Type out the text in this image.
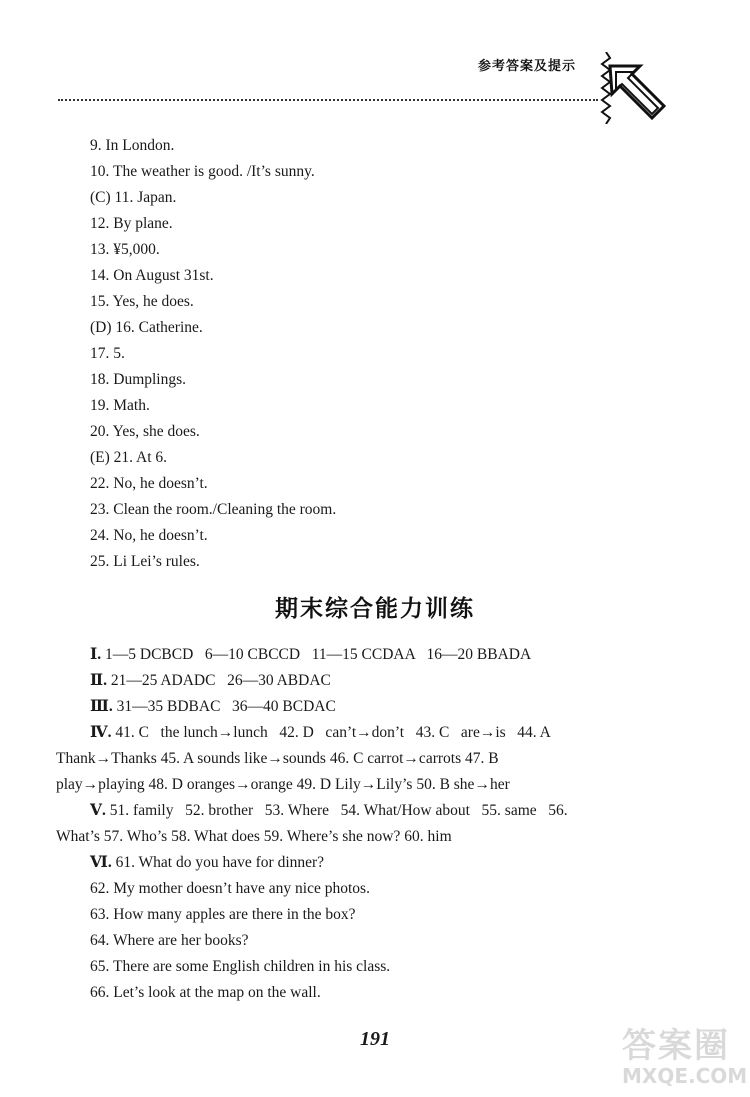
参考答案及提示
9. In London.
10. The weather is good. /It’s sunny.
(C) 11. Japan.
12. By plane.
13. ¥5,000.
14. On August 31st.
15. Yes, he does.
(D) 16. Catherine.
17. 5.
18. Dumplings.
19. Math.
20. Yes, she does.
(E) 21. At 6.
22. No, he doesn’t.
23. Clean the room./Cleaning the room.
24. No, he doesn’t.
25. Li Lei’s rules.
期末综合能力训练
Ⅰ. 1—5 DCBCD   6—10 CBCCD   11—15 CCDAA   16—20 BBADA
Ⅱ. 21—25 ADADC   26—30 ABDAC
Ⅲ. 31—35 BDBAC   36—40 BCDAC
Ⅳ. 41. C   the lunch→lunch   42. D   can’t→don’t   43. C   are→is   44. A
Thank→Thanks 45. A sounds like→sounds 46. C carrot→carrots 47. B
play→playing 48. D oranges→orange 49. D Lily→Lily’s 50. B she→her
Ⅴ. 51. family   52. brother   53. Where   54. What/How about   55. same   56.
What’s 57. Who’s 58. What does 59. Where’s she now? 60. him
Ⅵ. 61. What do you have for dinner?
62. My mother doesn’t have any nice photos.
63. How many apples are there in the box?
64. Where are her books?
65. There are some English children in his class.
66. Let’s look at the map on the wall.
191	答案圈
MXQE.COM
